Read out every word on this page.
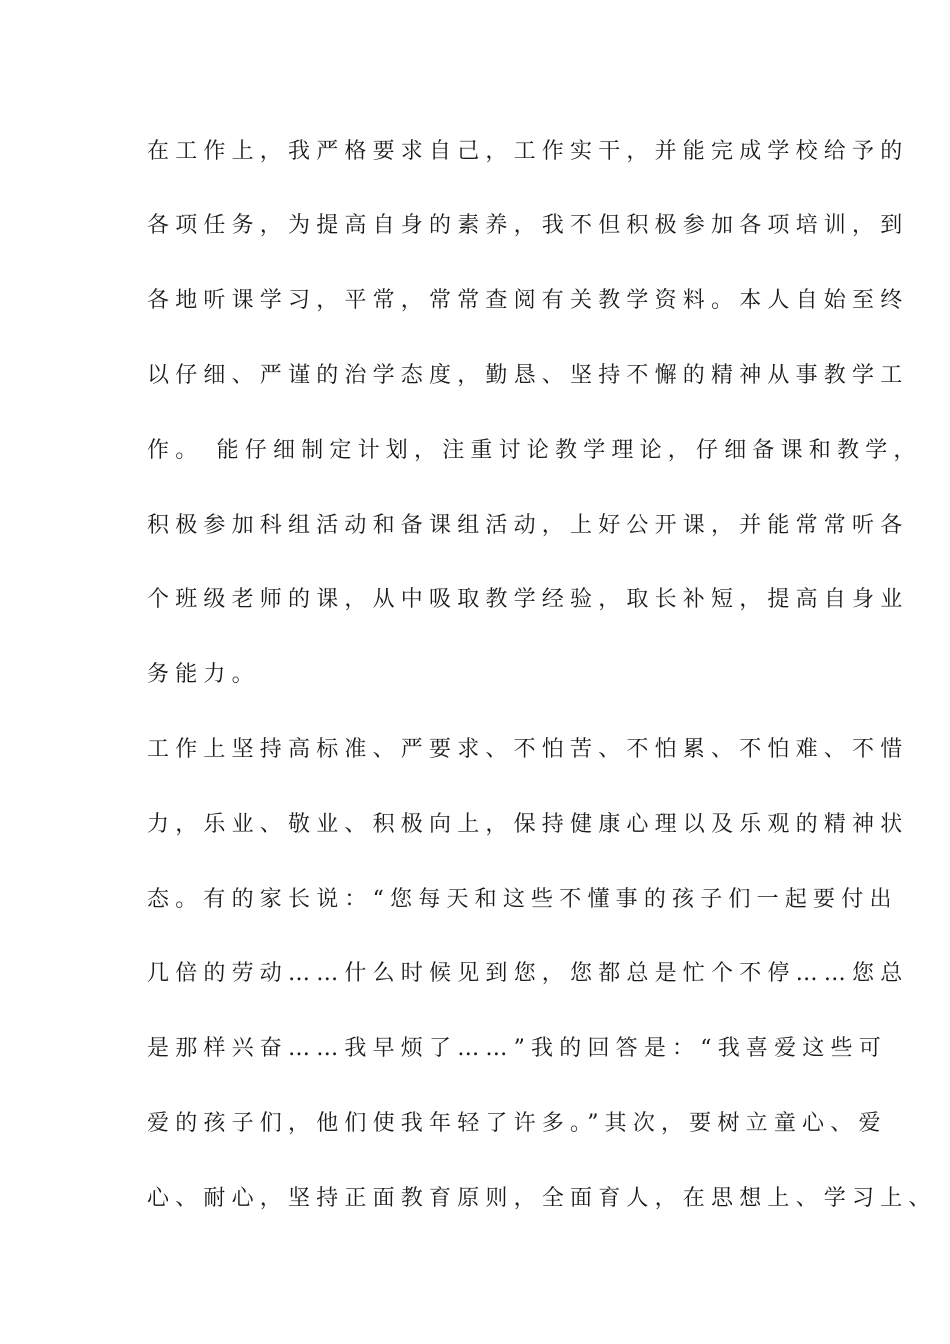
在工作上，我严格要求自己，工作实干，并能完成学校给予的
各项任务，为提高自身的素养，我不但积极参加各项培训，到
各地听课学习，平常，常常查阅有关教学资料。本人自始至终
以仔细、严谨的治学态度，勤恳、坚持不懈的精神从事教学工
作。 能仔细制定计划，注重讨论教学理论，仔细备课和教学，
积极参加科组活动和备课组活动，上好公开课，并能常常听各
个班级老师的课，从中吸取教学经验，取长补短，提高自身业
务能力。
工作上坚持高标准、严要求、不怕苦、不怕累、不怕难、不惜
力，乐业、敬业、积极向上，保持健康心理以及乐观的精神状
态。有的家长说：“您每天和这些不懂事的孩子们一起要付出
几倍的劳动……什么时候见到您，您都总是忙个不停……您总
是那样兴奋……我早烦了……”我的回答是：“我喜爱这些可
爱的孩子们，他们使我年轻了许多。”其次，要树立童心、爱
心、耐心，坚持正面教育原则，全面育人，在思想上、学习上、
